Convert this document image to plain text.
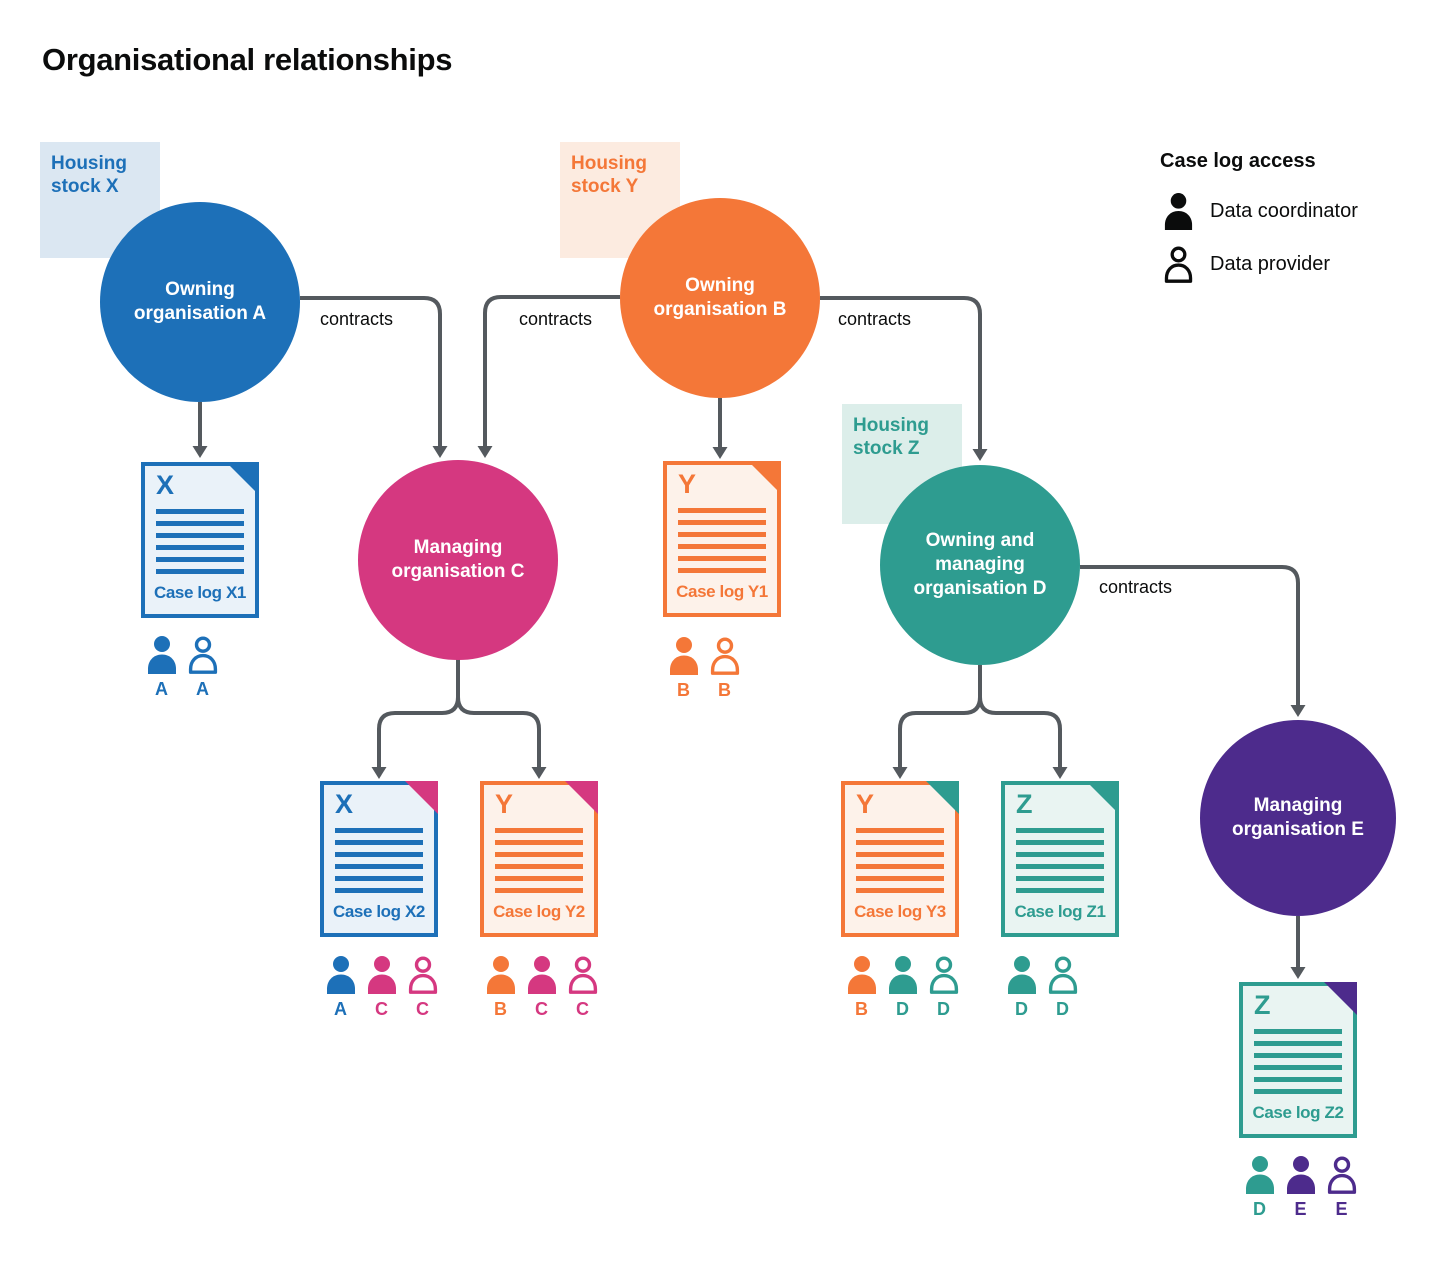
Organisational relationships
Housing stock X
Housing stock Y
Housing stock Z
contracts	contracts	contracts
contracts
Owning organisation A
Owning organisation B
Managing organisation C
Owning and managing organisation D
Managing organisation E
X
Case log X1
Y
Case log Y1
X
Case log X2
Y
Case log Y2
Y
Case log Y3
Z
Case log Z1
Z
Case log Z2
A A	B B
A C C	B C C	B D D	D D
D E E
Case log access
Data coordinator
Data provider
